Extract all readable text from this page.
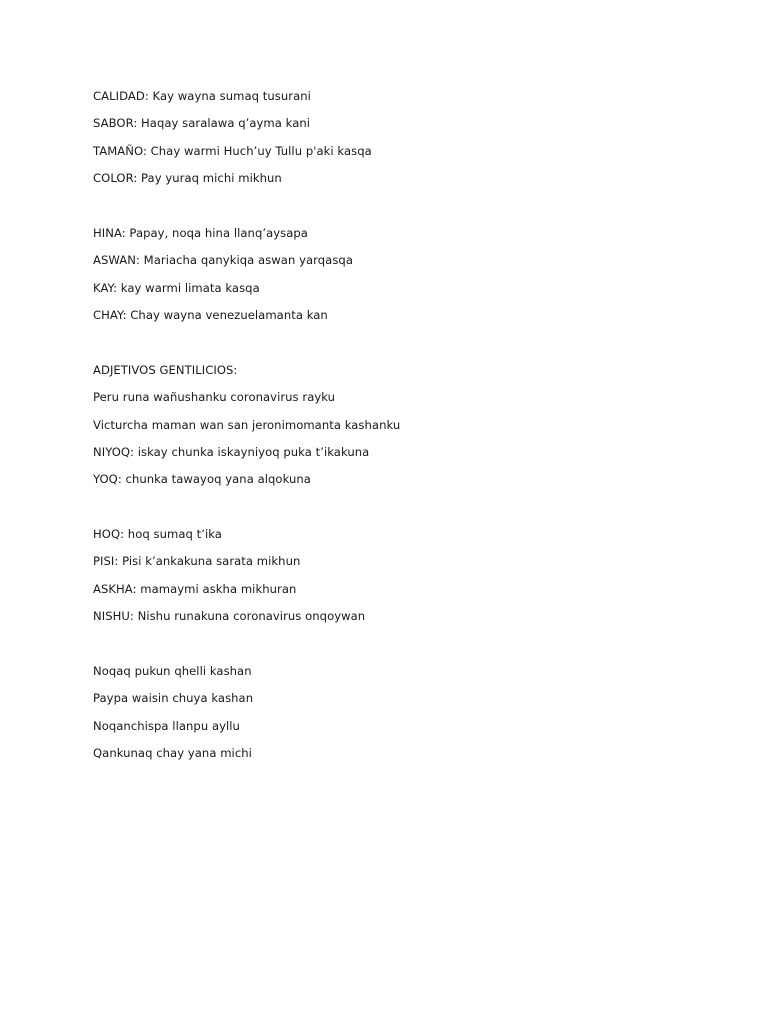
CALIDAD: Kay wayna sumaq tusurani
SABOR: Haqay saralawa q’ayma kani
TAMAÑO: Chay warmi Huch’uy Tullu p'aki kasqa
COLOR: Pay yuraq michi mikhun
HINA: Papay, noqa hina llanq’aysapa
ASWAN: Mariacha qanykiqa aswan yarqasqa
KAY: kay warmi limata kasqa
CHAY: Chay wayna venezuelamanta kan
ADJETIVOS GENTILICIOS:
Peru runa wañushanku coronavirus rayku
Victurcha maman wan san jeronimomanta kashanku
NIYOQ: iskay chunka iskayniyoq puka t’ikakuna
YOQ: chunka tawayoq yana alqokuna
HOQ: hoq sumaq t’ika
PISI: Pisi k’ankakuna sarata mikhun
ASKHA: mamaymi askha mikhuran
NISHU: Nishu runakuna coronavirus onqoywan
Noqaq pukun qhelli kashan
Paypa waisin chuya kashan
Noqanchispa llanpu ayllu
Qankunaq chay yana michi
